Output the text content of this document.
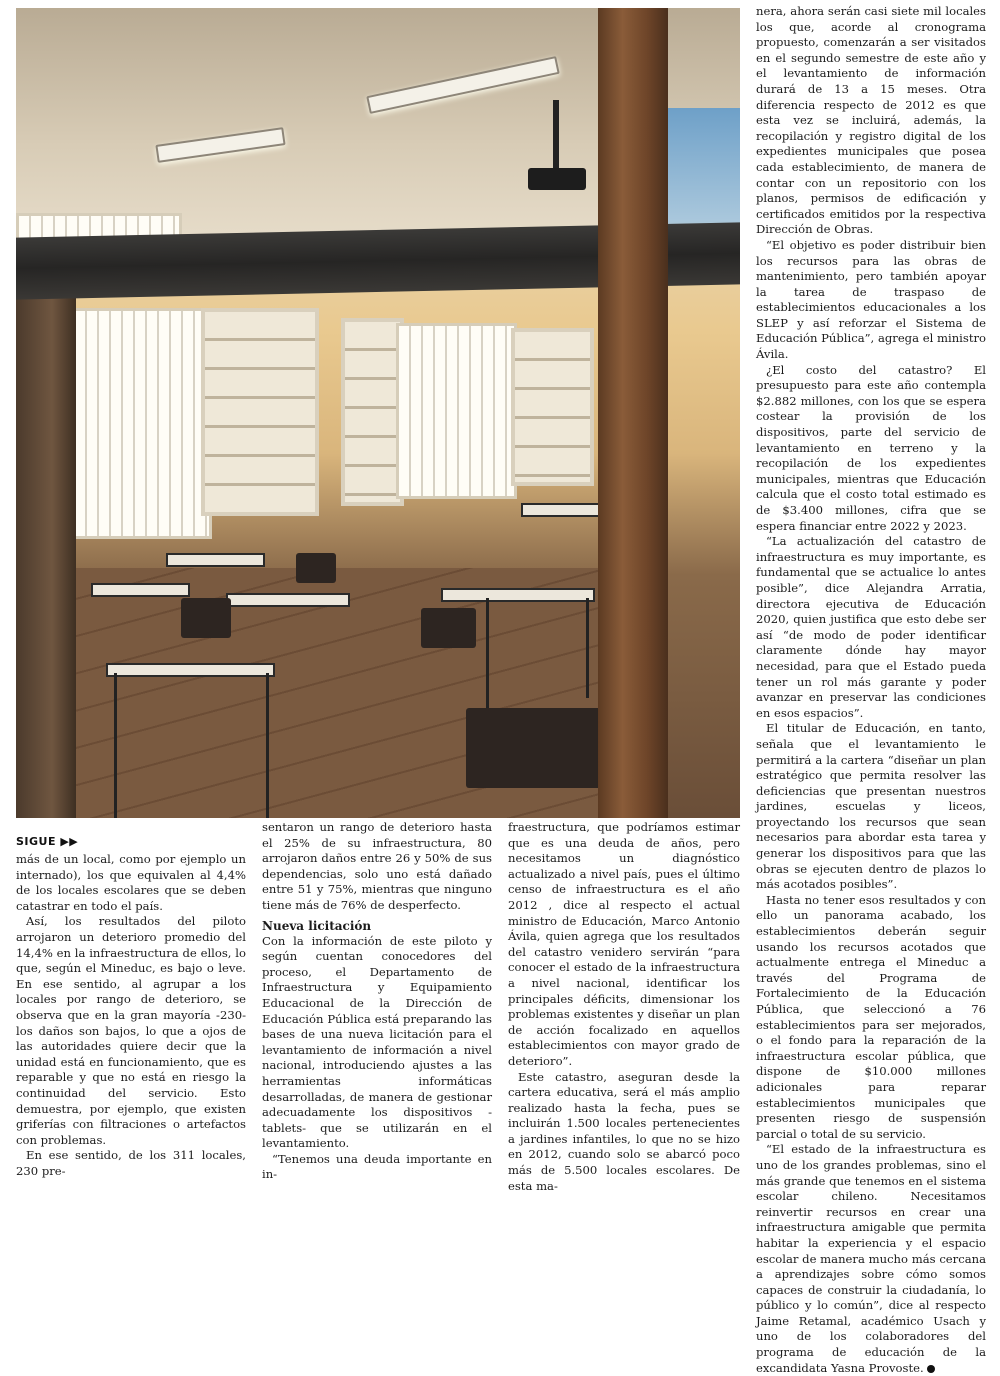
nera, ahora serán casi siete mil locales los que, acorde al cronograma propuesto, comenzarán a ser visitados en el segundo semestre de este año y el levantamiento de información durará de 13 a 15 meses. Otra diferencia respecto de 2012 es que esta vez se incluirá, además, la recopilación y registro digital de los expedientes municipales que posea cada establecimiento, de manera de contar con un repositorio con los planos, permisos de edificación y certificados emitidos por la respectiva Dirección de Obras.

“El objetivo es poder distribuir bien los recursos para las obras de mantenimiento, pero también apoyar la tarea de traspaso de establecimientos educacionales a los SLEP y así reforzar el Sistema de Educación Pública”, agrega el ministro Ávila.

¿El costo del catastro? El presupuesto para este año contempla $2.882 millones, con los que se espera costear la provisión de los dispositivos, parte del servicio de levantamiento en terreno y la recopilación de los expedientes municipales, mientras que Educación calcula que el costo total estimado es de $3.400 millones, cifra que se espera financiar entre 2022 y 2023.

“La actualización del catastro de infraestructura es muy importante, es fundamental que se actualice lo antes posible”, dice Alejandra Arratia, directora ejecutiva de Educación 2020, quien justifica que esto debe ser así “de modo de poder identificar claramente dónde hay mayor necesidad, para que el Estado pueda tener un rol más garante y poder avanzar en preservar las condiciones en esos espacios”.

El titular de Educación, en tanto, señala que el levantamiento le permitirá a la cartera “diseñar un plan estratégico que permita resolver las deficiencias que presentan nuestros jardines, escuelas y liceos, proyectando los recursos que sean necesarios para abordar esta tarea y generar los dispositivos para que las obras se ejecuten dentro de plazos lo más acotados posibles”.

Hasta no tener esos resultados y con ello un panorama acabado, los establecimientos deberán seguir usando los recursos acotados que actualmente entrega el Mineduc a través del Programa de Fortalecimiento de la Educación Pública, que seleccionó a 76 establecimientos para ser mejorados, o el fondo para la reparación de la infraestructura escolar pública, que dispone de $10.000 millones adicionales para reparar establecimientos municipales que presenten riesgo de suspensión parcial o total de su servicio.

“El estado de la infraestructura es uno de los grandes problemas, sino el más grande que tenemos en el sistema escolar chileno. Necesitamos reinvertir recursos en crear una infraestructura amigable que permita habitar la experiencia y el espacio escolar de manera mucho más cercana a aprendizajes sobre cómo somos capaces de construir la ciudadanía, lo público y lo común”, dice al respecto Jaime Retamal, académico Usach y uno de los colaboradores del programa de educación de la excandidata Yasna Provoste.

SIGUE ▶▶

más de un local, como por ejemplo un internado), los que equivalen al 4,4% de los locales escolares que se deben catastrar en todo el país.

Así, los resultados del piloto arrojaron un deterioro promedio del 14,4% en la infraestructura de ellos, lo que, según el Mineduc, es bajo o leve. En ese sentido, al agrupar a los locales por rango de deterioro, se observa que en la gran mayoría -230- los daños son bajos, lo que a ojos de las autoridades quiere decir que la unidad está en funcionamiento, que es reparable y que no está en riesgo la continuidad del servicio. Esto demuestra, por ejemplo, que existen griferías con filtraciones o artefactos con problemas.

En ese sentido, de los 311 locales, 230 pre-

sentaron un rango de deterioro hasta el 25% de su infraestructura, 80 arrojaron daños entre 26 y 50% de sus dependencias, solo uno está dañado entre 51 y 75%, mientras que ninguno tiene más de 76% de desperfecto.

Nueva licitación

Con la información de este piloto y según cuentan conocedores del proceso, el Departamento de Infraestructura y Equipamiento Educacional de la Dirección de Educación Pública está preparando las bases de una nueva licitación para el levantamiento de información a nivel nacional, introduciendo ajustes a las herramientas informáticas desarrolladas, de manera de gestionar adecuadamente los dispositivos -tablets- que se utilizarán en el levantamiento.

“Tenemos una deuda importante en in-

fraestructura, que podríamos estimar que es una deuda de años, pero necesitamos un diagnóstico actualizado a nivel país, pues el último censo de infraestructura es el año 2012 , dice al respecto el actual ministro de Educación, Marco Antonio Ávila, quien agrega que los resultados del catastro venidero servirán “para conocer el estado de la infraestructura a nivel nacional, identificar los principales déficits, dimensionar los problemas existentes y diseñar un plan de acción focalizado en aquellos establecimientos con mayor grado de deterioro”.

Este catastro, aseguran desde la cartera educativa, será el más amplio realizado hasta la fecha, pues se incluirán 1.500 locales pertenecientes a jardines infantiles, lo que no se hizo en 2012, cuando solo se abarcó poco más de 5.500 locales escolares. De esta ma-
